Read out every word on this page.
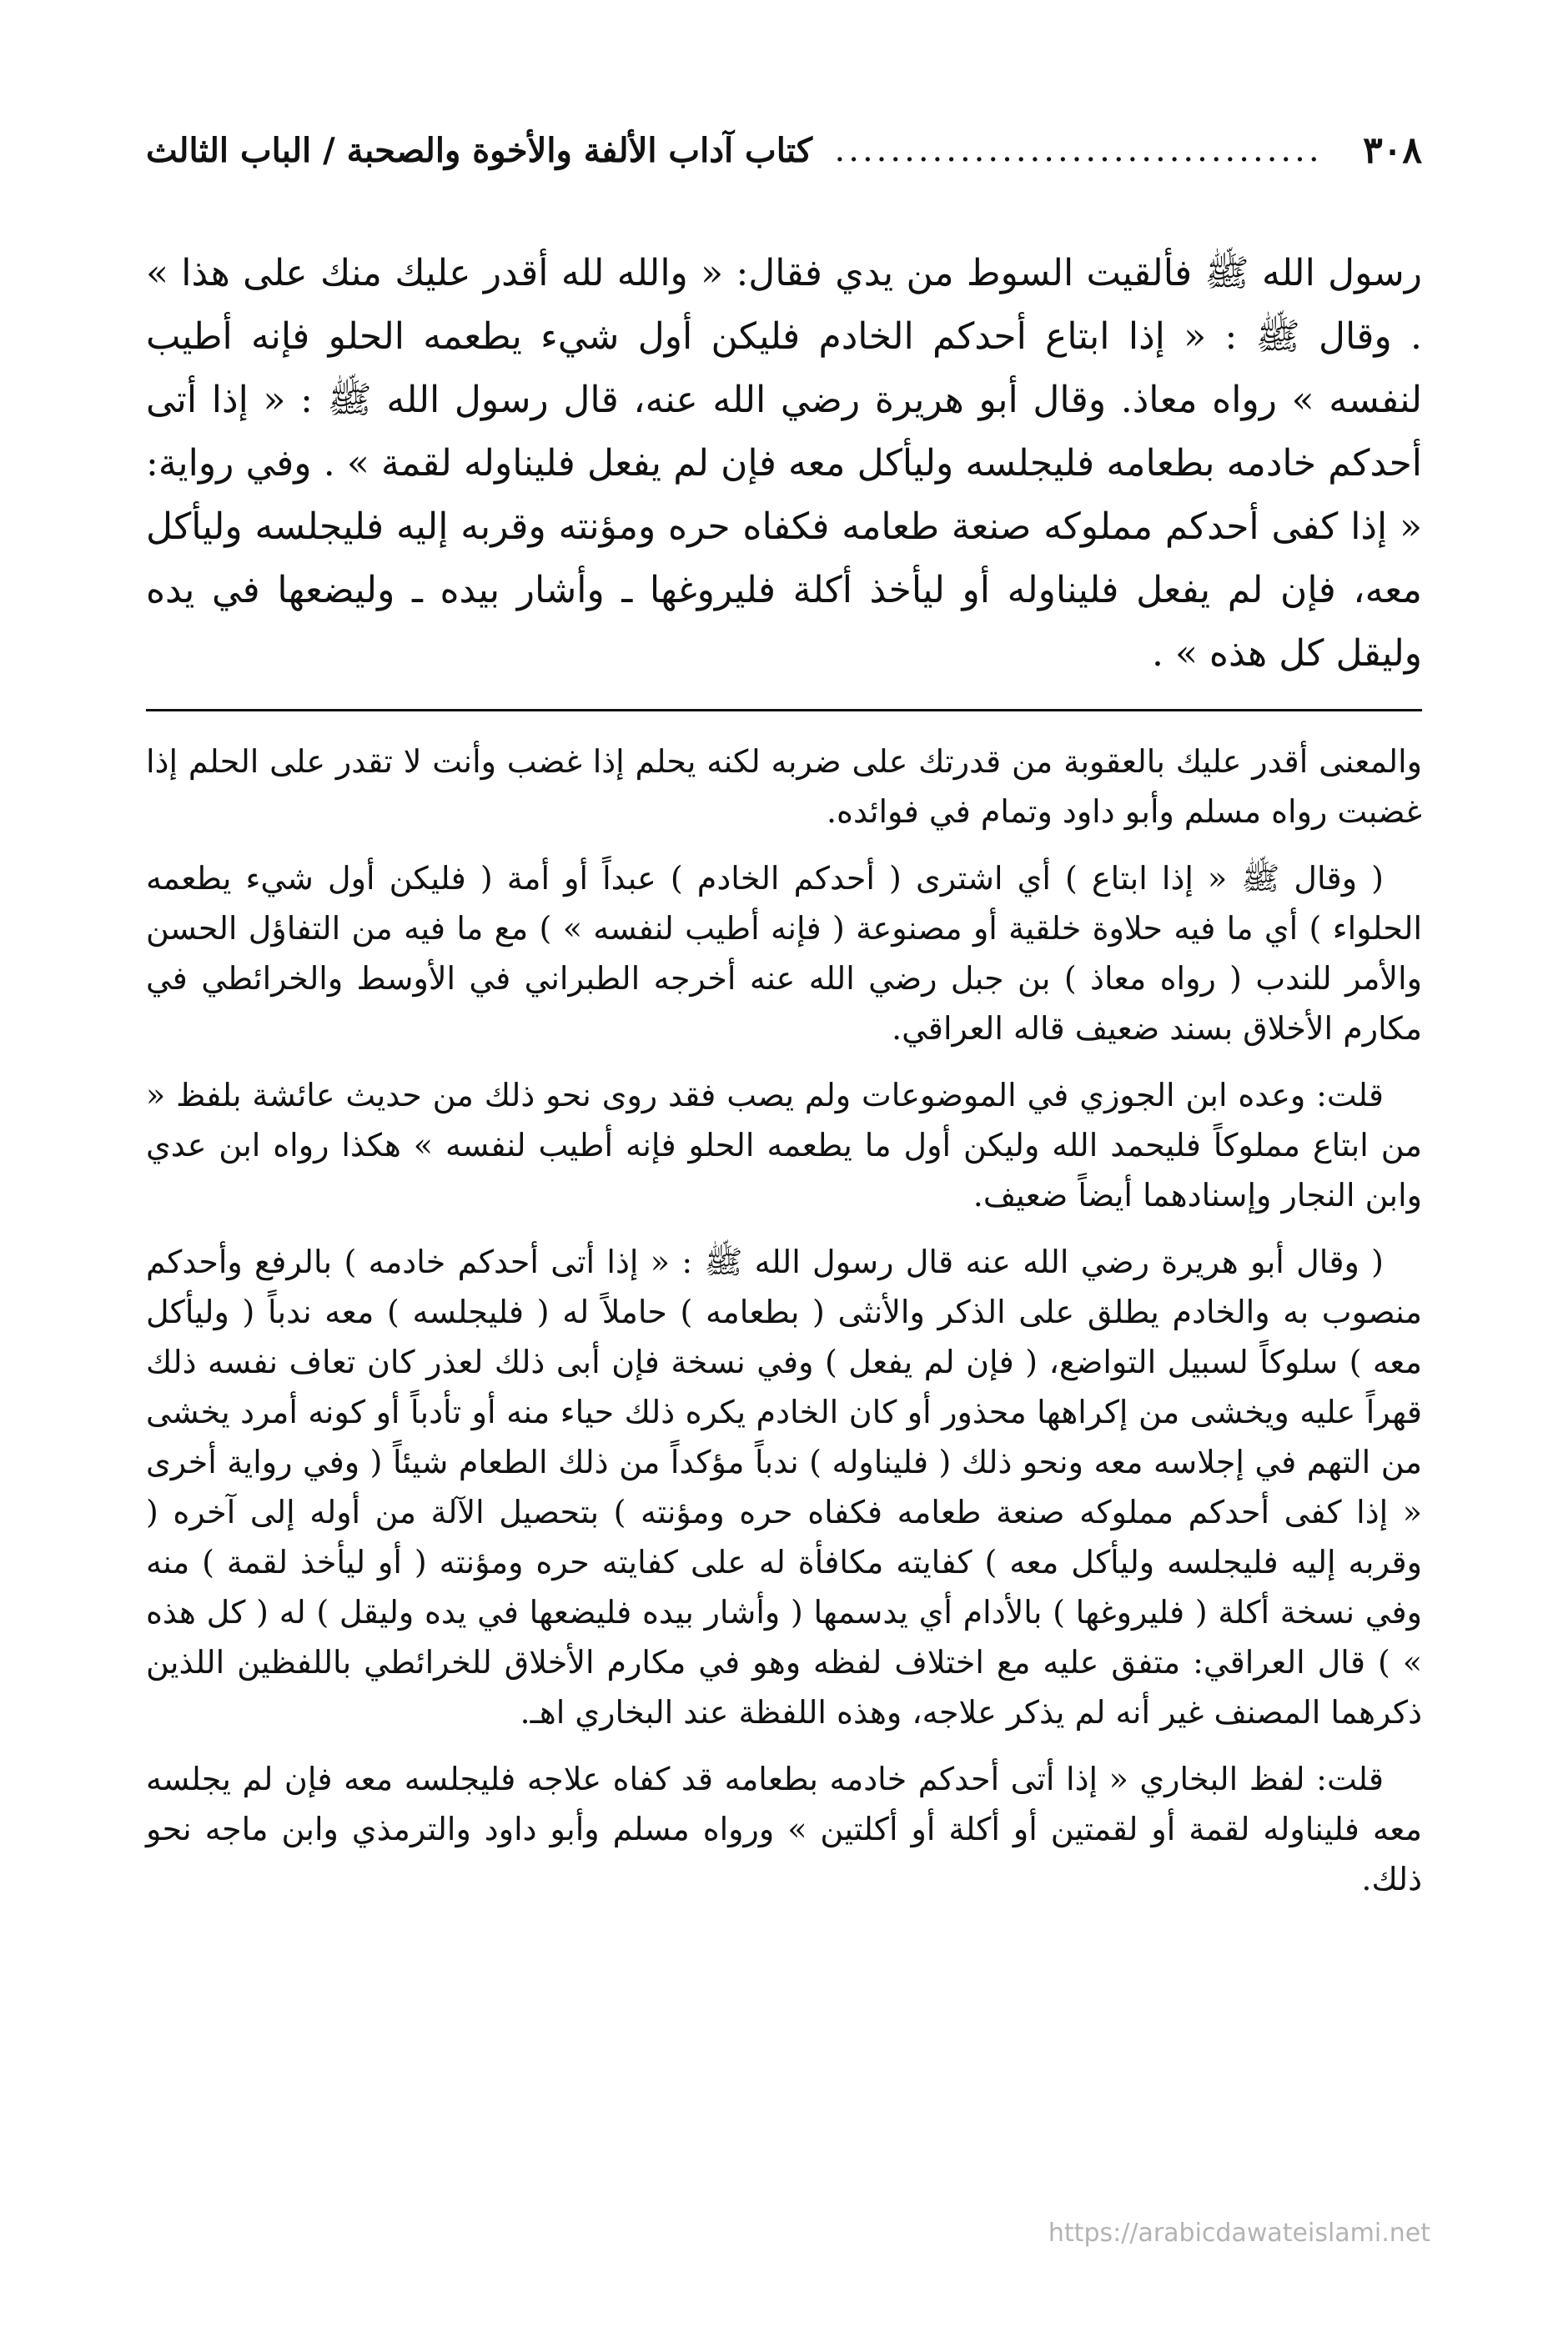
٣٠٨
...................................
كتاب آداب الألفة والأخوة والصحبة / الباب الثالث

رسول الله ﷺ فألقيت السوط من يدي فقال: « والله لله أقدر عليك منك على هذا » . وقال ﷺ : « إذا ابتاع أحدكم الخادم فليكن أول شيء يطعمه الحلو فإنه أطيب لنفسه » رواه معاذ. وقال أبو هريرة رضي الله عنه، قال رسول الله ﷺ : « إذا أتى أحدكم خادمه بطعامه فليجلسه وليأكل معه فإن لم يفعل فليناوله لقمة » . وفي رواية: « إذا كفى أحدكم مملوكه صنعة طعامه فكفاه حره ومؤنته وقربه إليه فليجلسه وليأكل معه، فإن لم يفعل فليناوله أو ليأخذ أكلة فليروغها ـ وأشار بيده ـ وليضعها في يده وليقل كل هذه » .

والمعنى أقدر عليك بالعقوبة من قدرتك على ضربه لكنه يحلم إذا غضب وأنت لا تقدر على الحلم إذا غضبت رواه مسلم وأبو داود وتمام في فوائده.

( وقال ﷺ « إذا ابتاع ) أي اشترى ( أحدكم الخادم ) عبداً أو أمة ( فليكن أول شيء يطعمه الحلواء ) أي ما فيه حلاوة خلقية أو مصنوعة ( فإنه أطيب لنفسه » ) مع ما فيه من التفاؤل الحسن والأمر للندب ( رواه معاذ ) بن جبل رضي الله عنه أخرجه الطبراني في الأوسط والخرائطي في مكارم الأخلاق بسند ضعيف قاله العراقي.

قلت: وعده ابن الجوزي في الموضوعات ولم يصب فقد روى نحو ذلك من حديث عائشة بلفظ « من ابتاع مملوكاً فليحمد الله وليكن أول ما يطعمه الحلو فإنه أطيب لنفسه » هكذا رواه ابن عدي وابن النجار وإسنادهما أيضاً ضعيف.

( وقال أبو هريرة رضي الله عنه قال رسول الله ﷺ : « إذا أتى أحدكم خادمه ) بالرفع وأحدكم منصوب به والخادم يطلق على الذكر والأنثى ( بطعامه ) حاملاً له ( فليجلسه ) معه ندباً ( وليأكل معه ) سلوكاً لسبيل التواضع، ( فإن لم يفعل ) وفي نسخة فإن أبى ذلك لعذر كان تعاف نفسه ذلك قهراً عليه ويخشى من إكراهها محذور أو كان الخادم يكره ذلك حياء منه أو تأدباً أو كونه أمرد يخشى من التهم في إجلاسه معه ونحو ذلك ( فليناوله ) ندباً مؤكداً من ذلك الطعام شيئاً ( وفي رواية أخرى « إذا كفى أحدكم مملوكه صنعة طعامه فكفاه حره ومؤنته ) بتحصيل الآلة من أوله إلى آخره ( وقربه إليه فليجلسه وليأكل معه ) كفايته مكافأة له على كفايته حره ومؤنته ( أو ليأخذ لقمة ) منه وفي نسخة أكلة ( فليروغها ) بالأدام أي يدسمها ( وأشار بيده فليضعها في يده وليقل ) له ( كل هذه » ) قال العراقي: متفق عليه مع اختلاف لفظه وهو في مكارم الأخلاق للخرائطي باللفظين اللذين ذكرهما المصنف غير أنه لم يذكر علاجه، وهذه اللفظة عند البخاري اهـ.

قلت: لفظ البخاري « إذا أتى أحدكم خادمه بطعامه قد كفاه علاجه فليجلسه معه فإن لم يجلسه معه فليناوله لقمة أو لقمتين أو أكلة أو أكلتين » ورواه مسلم وأبو داود والترمذي وابن ماجه نحو ذلك.

https://arabicdawateislami.net
